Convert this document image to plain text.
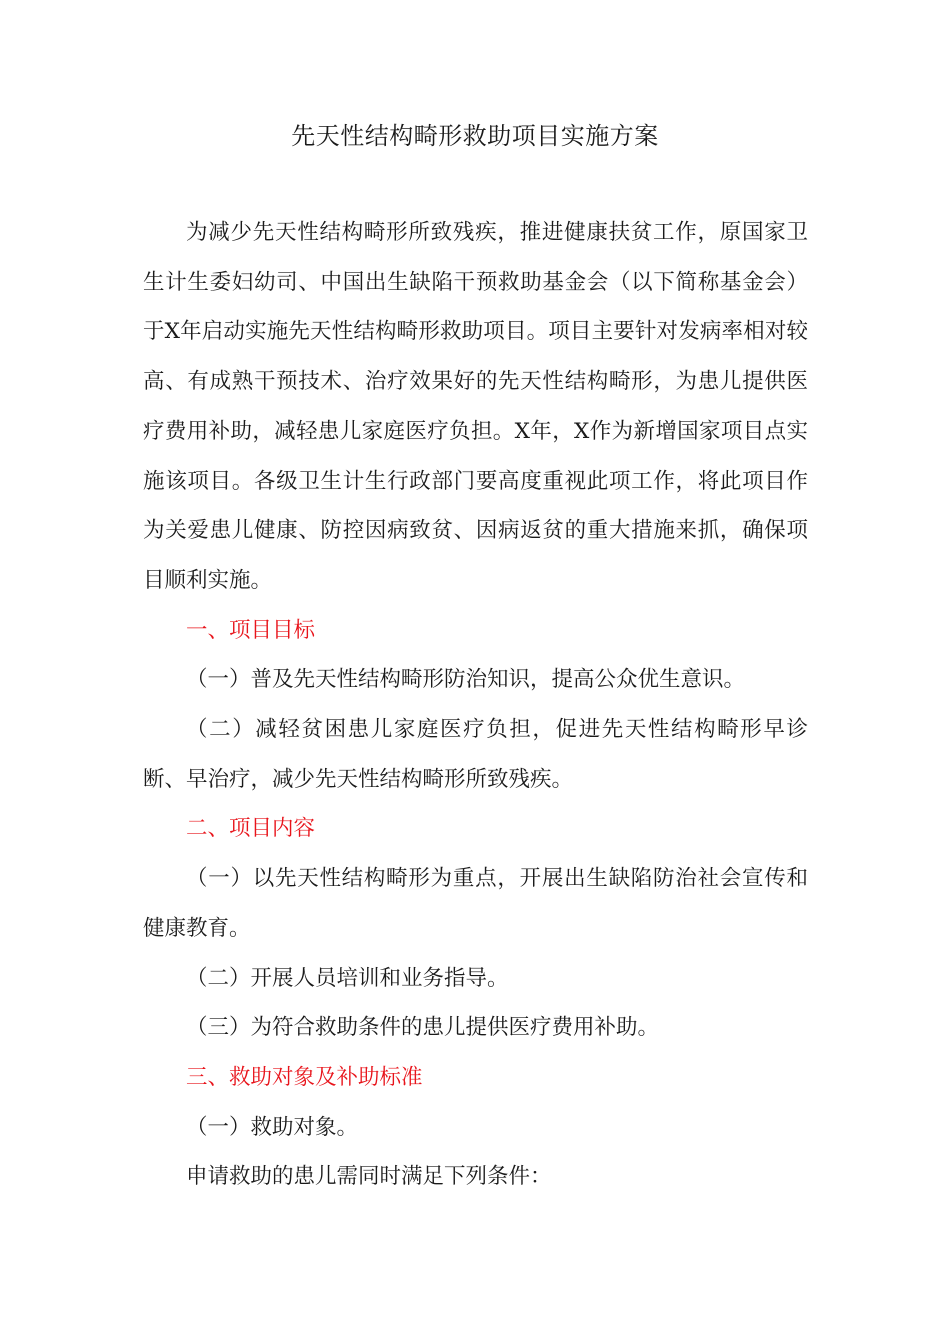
先天性结构畸形救助项目实施方案

为减少先天性结构畸形所致残疾，推进健康扶贫工作，原国家卫生计生委妇幼司、中国出生缺陷干预救助基金会（以下简称基金会）于X年启动实施先天性结构畸形救助项目。项目主要针对发病率相对较高、有成熟干预技术、治疗效果好的先天性结构畸形，为患儿提供医疗费用补助，减轻患儿家庭医疗负担。X年，X作为新增国家项目点实施该项目。各级卫生计生行政部门要高度重视此项工作，将此项目作为关爱患儿健康、防控因病致贫、因病返贫的重大措施来抓，确保项目顺利实施。

一、项目目标

（一）普及先天性结构畸形防治知识，提高公众优生意识。

（二）减轻贫困患儿家庭医疗负担，促进先天性结构畸形早诊断、早治疗，减少先天性结构畸形所致残疾。

二、项目内容

（一）以先天性结构畸形为重点，开展出生缺陷防治社会宣传和健康教育。

（二）开展人员培训和业务指导。

（三）为符合救助条件的患儿提供医疗费用补助。

三、救助对象及补助标准

（一）救助对象。

申请救助的患儿需同时满足下列条件：
